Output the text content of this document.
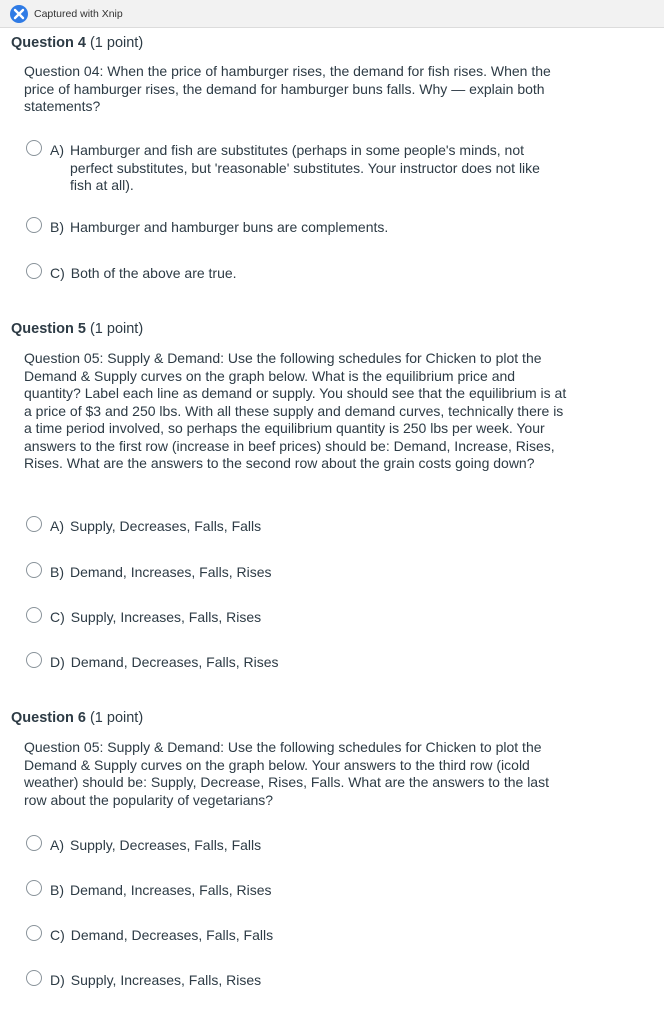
Captured with Xnip
Question 4 (1 point)
Question 04: When the price of hamburger rises, the demand for fish rises. When the price of hamburger rises, the demand for hamburger buns falls. Why — explain both statements?
A) Hamburger and fish are substitutes (perhaps in some people's minds, not perfect substitutes, but 'reasonable' substitutes. Your instructor does not like fish at all).
B) Hamburger and hamburger buns are complements.
C) Both of the above are true.
Question 5 (1 point)
Question 05: Supply & Demand: Use the following schedules for Chicken to plot the Demand & Supply curves on the graph below. What is the equilibrium price and quantity? Label each line as demand or supply. You should see that the equilibrium is at a price of $3 and 250 lbs. With all these supply and demand curves, technically there is a time period involved, so perhaps the equilibrium quantity is 250 lbs per week. Your answers to the first row (increase in beef prices) should be: Demand, Increase, Rises, Rises. What are the answers to the second row about the grain costs going down?
A) Supply, Decreases, Falls, Falls
B) Demand, Increases, Falls, Rises
C) Supply, Increases, Falls, Rises
D) Demand, Decreases, Falls, Rises
Question 6 (1 point)
Question 05: Supply & Demand: Use the following schedules for Chicken to plot the Demand & Supply curves on the graph below. Your answers to the third row (icold weather) should be: Supply, Decrease, Rises, Falls. What are the answers to the last row about the popularity of vegetarians?
A) Supply, Decreases, Falls, Falls
B) Demand, Increases, Falls, Rises
C) Demand, Decreases, Falls, Falls
D) Supply, Increases, Falls, Rises
